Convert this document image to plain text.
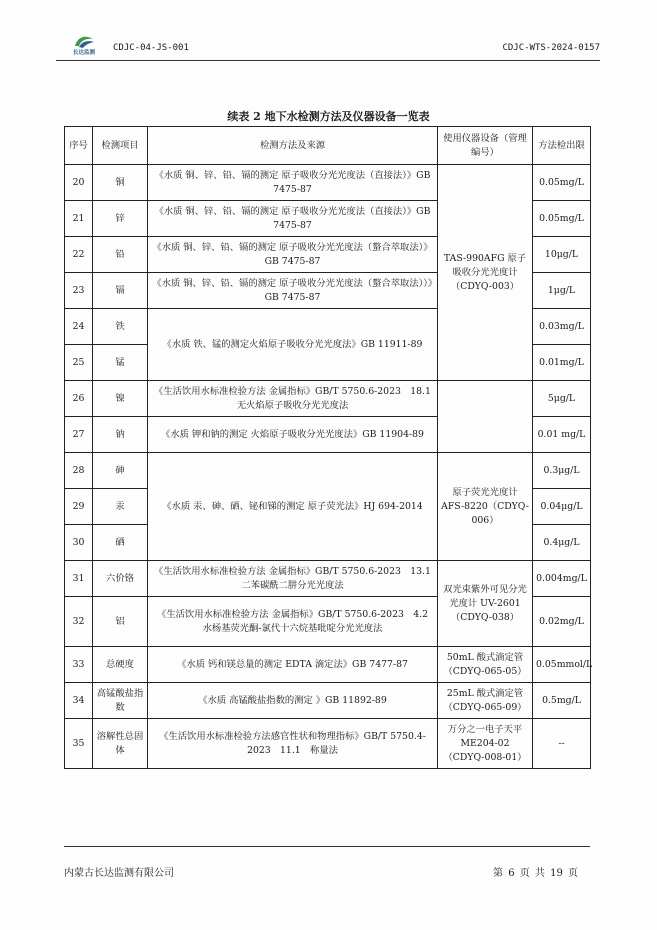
长达监测	CDJC-04-JS-001	CDJC-WTS-2024-0157
续表 2 地下水检测方法及仪器设备一览表
序号	检测项目	检测方法及来源	使用仪器设备（管理编号）	方法检出限
20	铜	《水质 铜、锌、铅、镉的测定 原子吸收分光光度法（直接法）》GB 7475-87	TAS-990AFG 原子吸收分光光度计（CDYQ-003）	0.05mg/L
21	锌	《水质 铜、锌、铅、镉的测定 原子吸收分光光度法（直接法）》GB 7475-87		0.05mg/L
22	铅	《水质 铜、锌、铅、镉的测定 原子吸收分光光度法（螯合萃取法）》GB 7475-87		10μg/L
23	镉	《水质 铜、锌、铅、镉的测定 原子吸收分光光度法（螯合萃取法））》GB 7475-87		1μg/L
24	铁	《水质 铁、锰的测定火焰原子吸收分光光度法》GB 11911-89		0.03mg/L
25	锰			0.01mg/L
26	镍	《生活饮用水标准检验方法 金属指标》GB/T 5750.6-2023　18.1 无火焰原子吸收分光光度法		5μg/L
27	钠	《水质 钾和钠的测定 火焰原子吸收分光光度法》GB 11904-89		0.01 mg/L
28	砷	《水质 汞、砷、硒、铋和锑的测定 原子荧光法》HJ 694-2014	原子荧光光度计 AFS-8220（CDYQ-006）	0.3μg/L
29	汞			0.04μg/L
30	硒			0.4μg/L
31	六价铬	《生活饮用水标准检验方法 金属指标》GB/T 5750.6-2023　13.1　二苯碳酰二肼分光光度法	双光束紫外可见分光光度计 UV-2601（CDYQ-038）	0.004mg/L
32	铝	《生活饮用水标准检验方法 金属指标》GB/T 5750.6-2023　4.2 水杨基荧光酮-氯代十六烷基吡啶分光光度法		0.02mg/L
33	总硬度	《水质 钙和镁总量的测定 EDTA 滴定法》GB 7477-87	50mL 酸式滴定管（CDYQ-065-05）	0.05mmol/L
34	高锰酸盐指数	《水质 高锰酸盐指数的测定 》GB 11892-89	25mL 酸式滴定管（CDYQ-065-09）	0.5mg/L
35	溶解性总固体	《生活饮用水标准检验方法感官性状和物理指标》GB/T 5750.4-2023　11.1　称量法	万分之一电子天平 ME204-02（CDYQ-008-01）	--
内蒙古长达监测有限公司	第 6 页 共 19 页
